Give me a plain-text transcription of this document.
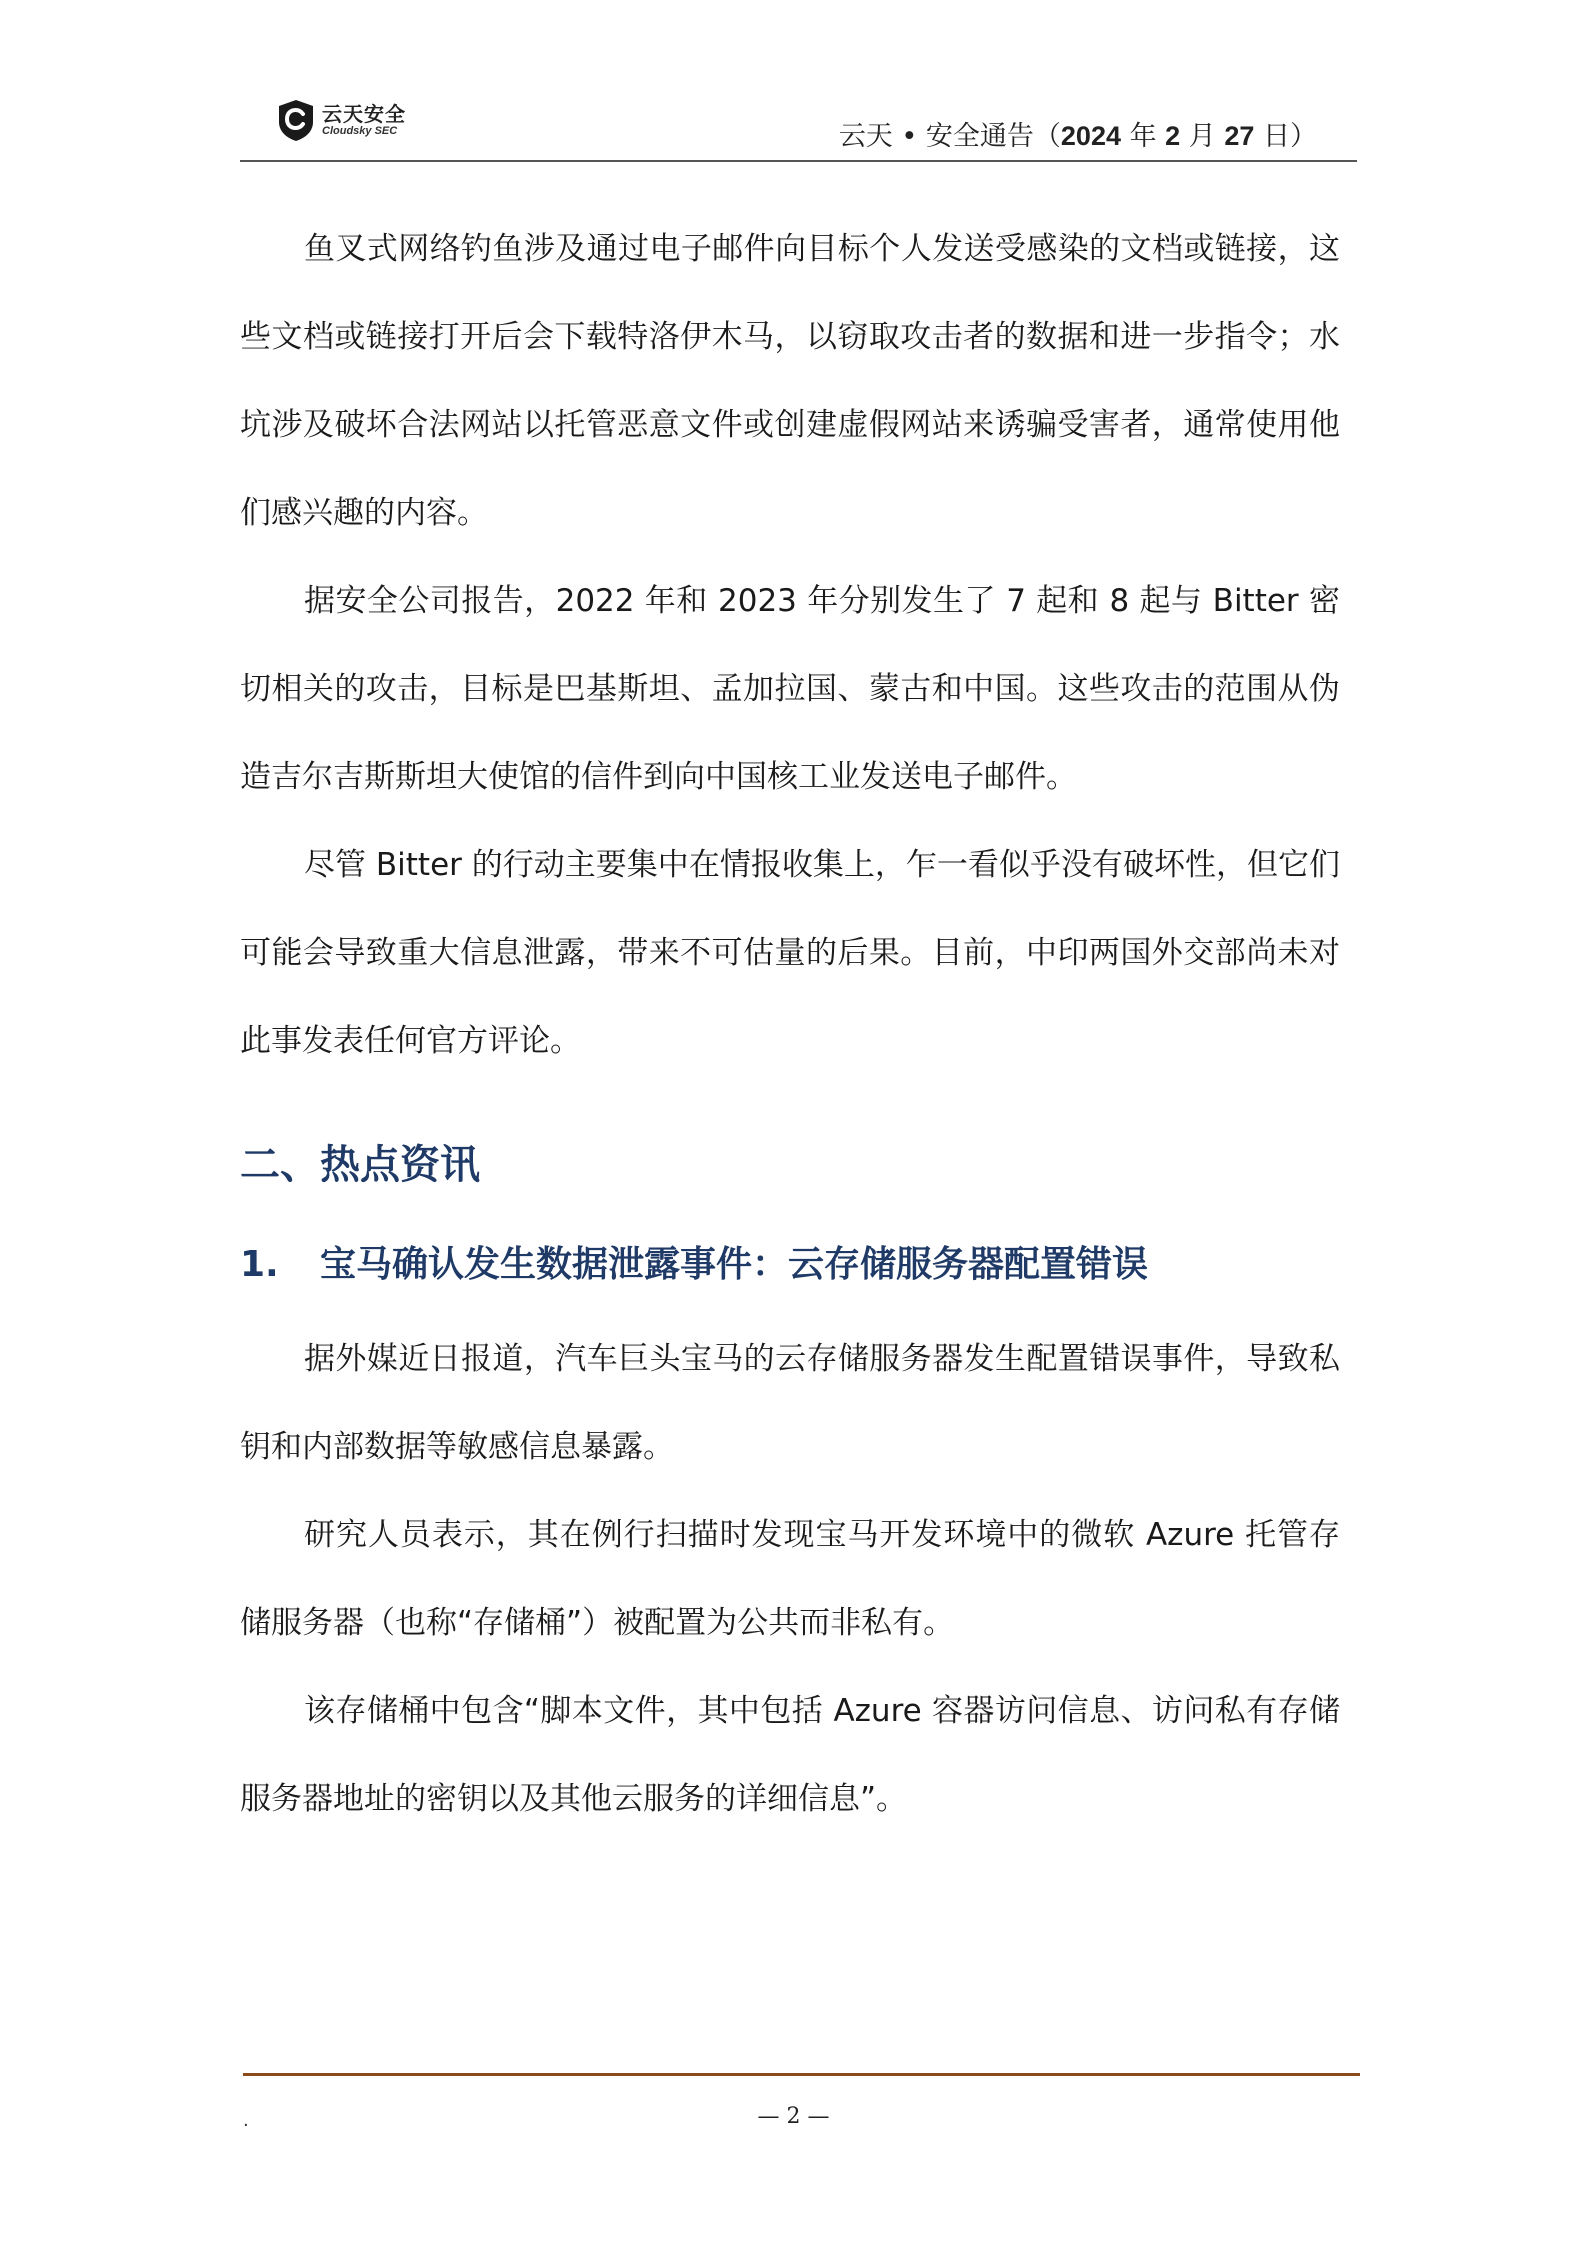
云天安全
Cloudsky SEC	云天 • 安全通告（2024 年 2 月 27 日）

鱼叉式网络钓鱼涉及通过电子邮件向目标个人发送受感染的文档或链接，这些文档或链接打开后会下载特洛伊木马，以窃取攻击者的数据和进一步指令；水坑涉及破坏合法网站以托管恶意文件或创建虚假网站来诱骗受害者，通常使用他们感兴趣的内容。

据安全公司报告，2022 年和 2023 年分别发生了 7 起和 8 起与 Bitter 密切相关的攻击，目标是巴基斯坦、孟加拉国、蒙古和中国。这些攻击的范围从伪造吉尔吉斯斯坦大使馆的信件到向中国核工业发送电子邮件。

尽管 Bitter 的行动主要集中在情报收集上，乍一看似乎没有破坏性，但它们可能会导致重大信息泄露，带来不可估量的后果。目前，中印两国外交部尚未对此事发表任何官方评论。

二、热点资讯
1. 宝马确认发生数据泄露事件：云存储服务器配置错误

据外媒近日报道，汽车巨头宝马的云存储服务器发生配置错误事件，导致私钥和内部数据等敏感信息暴露。

研究人员表示，其在例行扫描时发现宝马开发环境中的微软 Azure 托管存储服务器（也称“存储桶”）被配置为公共而非私有。

该存储桶中包含“脚本文件，其中包括 Azure 容器访问信息、访问私有存储服务器地址的密钥以及其他云服务的详细信息”。

.	— 2 —
